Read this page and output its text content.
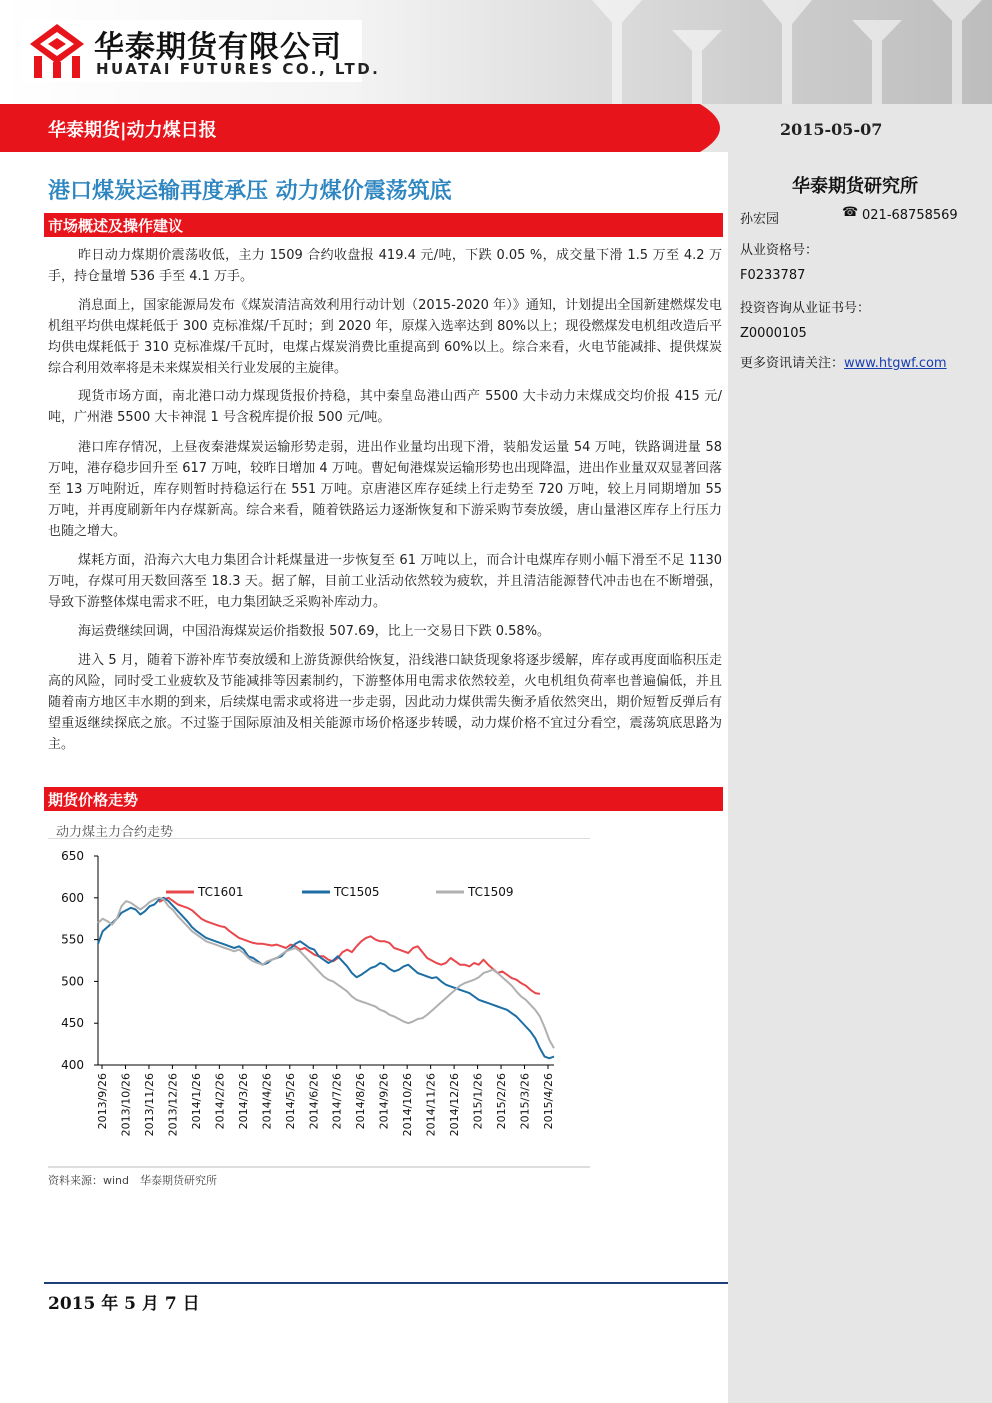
华泰期货有限公司
HUATAI FUTURES CO., LTD.
华泰期货|动力煤日报	2015-05-07
华泰期货研究所
孙宏园	☎ 021-68758569
从业资格号：
F0233787
投资咨询从业证书号：
Z0000105
更多资讯请关注：www.htgwf.com
港口煤炭运输再度承压 动力煤价震荡筑底
市场概述及操作建议

昨日动力煤期价震荡收低，主力 1509 合约收盘报 419.4 元/吨，下跌 0.05 %，成交量下滑 1.5 万至 4.2 万手，持仓量增 536 手至 4.1 万手。

消息面上，国家能源局发布《煤炭清洁高效利用行动计划（2015-2020 年）》通知，计划提出全国新建燃煤发电机组平均供电煤耗低于 300 克标准煤/千瓦时；到 2020 年，原煤入选率达到 80%以上；现役燃煤发电机组改造后平均供电煤耗低于 310 克标准煤/千瓦时，电煤占煤炭消费比重提高到 60%以上。综合来看，火电节能减排、提供煤炭综合利用效率将是未来煤炭相关行业发展的主旋律。

现货市场方面，南北港口动力煤现货报价持稳，其中秦皇岛港山西产 5500 大卡动力末煤成交均价报 415 元/吨，广州港 5500 大卡神混 1 号含税库提价报 500 元/吨。

港口库存情况，上昼夜秦港煤炭运输形势走弱，进出作业量均出现下滑，装船发运量 54 万吨，铁路调进量 58 万吨，港存稳步回升至 617 万吨，较昨日增加 4 万吨。曹妃甸港煤炭运输形势也出现降温，进出作业量双双显著回落至 13 万吨附近，库存则暂时持稳运行在 551 万吨。京唐港区库存延续上行走势至 720 万吨，较上月同期增加 55 万吨，并再度刷新年内存煤新高。综合来看，随着铁路运力逐渐恢复和下游采购节奏放缓，唐山量港区库存上行压力也随之增大。

煤耗方面，沿海六大电力集团合计耗煤量进一步恢复至 61 万吨以上，而合计电煤库存则小幅下滑至不足 1130 万吨，存煤可用天数回落至 18.3 天。据了解，目前工业活动依然较为疲软，并且清洁能源替代冲击也在不断增强，导致下游整体煤电需求不旺，电力集团缺乏采购补库动力。

海运费继续回调，中国沿海煤炭运价指数报 507.69，比上一交易日下跌 0.58%。

进入 5 月，随着下游补库节奏放缓和上游货源供给恢复，沿线港口缺货现象将逐步缓解，库存或再度面临积压走高的风险，同时受工业疲软及节能减排等因素制约，下游整体用电需求依然较差，火电机组负荷率也普遍偏低，并且随着南方地区丰水期的到来，后续煤电需求或将进一步走弱，因此动力煤供需失衡矛盾依然突出，期价短暂反弹后有望重返继续探底之旅。不过鉴于国际原油及相关能源市场价格逐步转暖，动力煤价格不宜过分看空，震荡筑底思路为主。

期货价格走势
动力煤主力合约走势
400
450
500
550
600
650
2013/9/26 2013/10/26 2013/11/26 2013/12/26 2014/1/26 2014/2/26 2014/3/26 2014/4/26 2014/5/26 2014/6/26 2014/7/26 2014/8/26 2014/9/26 2014/10/26 2014/11/26 2014/12/26 2015/1/26 2015/2/26 2015/3/26 2015/4/26
TC1601	TC1505	TC1509
资料来源：wind　华泰期货研究所
2015 年 5 月 7 日
